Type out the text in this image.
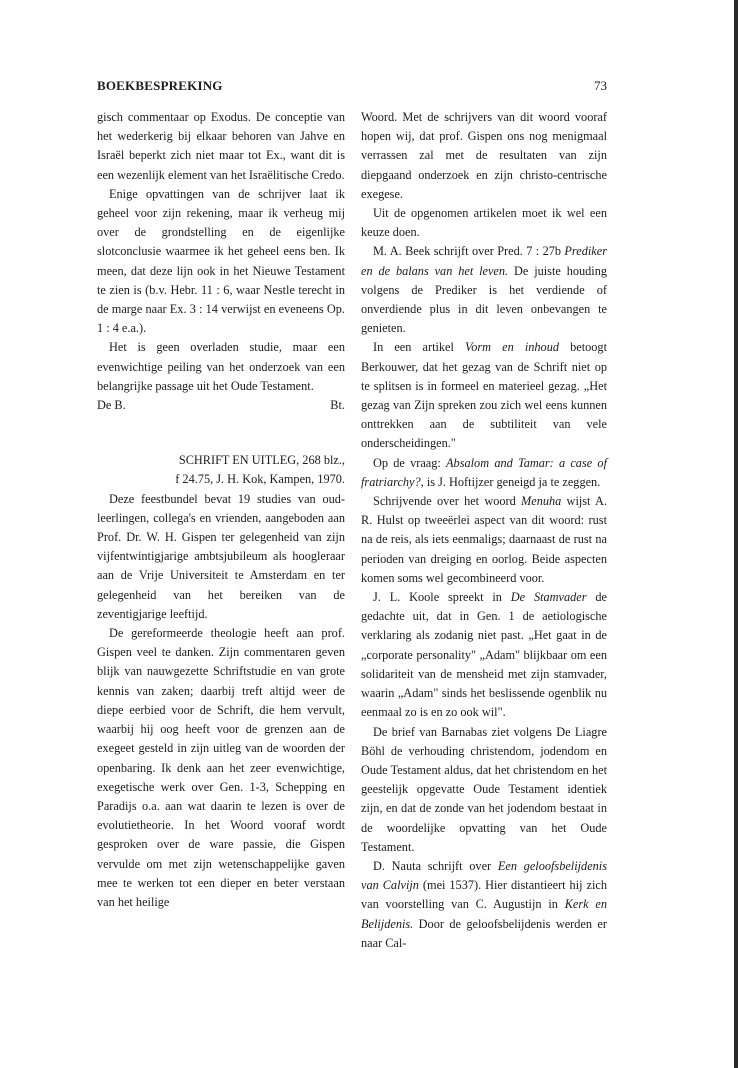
BOEKBESPREKING	73

gisch commentaar op Exodus. De conceptie van het wederkerig bij elkaar behoren van Jahve en Israël beperkt zich niet maar tot Ex., want dit is een wezenlijk element van het Israëlitische Credo.

Enige opvattingen van de schrijver laat ik geheel voor zijn rekening, maar ik verheug mij over de grondstelling en de eigenlijke slotconclusie waarmee ik het geheel eens ben. Ik meen, dat deze lijn ook in het Nieuwe Testament te zien is (b.v. Hebr. 11 : 6, waar Nestle terecht in de marge naar Ex. 3 : 14 verwijst en eveneens Op. 1 : 4 e.a.).

Het is geen overladen studie, maar een evenwichtige peiling van het onderzoek van een belangrijke passage uit het Oude Testament.

De B.	Bt.
SCHRIFT EN UITLEG, 268 blz.,
f 24.75, J. H. Kok, Kampen, 1970.

Deze feestbundel bevat 19 studies van oud-leerlingen, collega's en vrienden, aangeboden aan Prof. Dr. W. H. Gispen ter gelegenheid van zijn vijfentwintigjarige ambtsjubileum als hoogleraar aan de Vrije Universiteit te Amsterdam en ter gelegenheid van het bereiken van de zeventigjarige leeftijd.

De gereformeerde theologie heeft aan prof. Gispen veel te danken. Zijn commentaren geven blijk van nauwgezette Schriftstudie en van grote kennis van zaken; daarbij treft altijd weer de diepe eerbied voor de Schrift, die hem vervult, waarbij hij oog heeft voor de grenzen aan de exegeet gesteld in zijn uitleg van de woorden der openbaring. Ik denk aan het zeer evenwichtige, exegetische werk over Gen. 1-3, Schepping en Paradijs o.a. aan wat daarin te lezen is over de evolutietheorie. In het Woord vooraf wordt gesproken over de ware passie, die Gispen vervulde om met zijn wetenschappelijke gaven mee te werken tot een dieper en beter verstaan van het heilige

Woord. Met de schrijvers van dit woord vooraf hopen wij, dat prof. Gispen ons nog menigmaal verrassen zal met de resultaten van zijn diepgaand onderzoek en zijn christo-centrische exegese.

Uit de opgenomen artikelen moet ik wel een keuze doen.

M. A. Beek schrijft over Pred. 7 : 27b Prediker en de balans van het leven. De juiste houding volgens de Prediker is het verdiende of onverdiende plus in dit leven onbevangen te genieten.

In een artikel Vorm en inhoud betoogt Berkouwer, dat het gezag van de Schrift niet op te splitsen is in formeel en materieel gezag. „Het gezag van Zijn spreken zou zich wel eens kunnen onttrekken aan de subtiliteit van vele onderscheidingen."

Op de vraag: Absalom and Tamar: a case of fratriarchy?, is J. Hoftijzer geneigd ja te zeggen.

Schrijvende over het woord Menuha wijst A. R. Hulst op tweeërlei aspect van dit woord: rust na de reis, als iets eenmaligs; daarnaast de rust na perioden van dreiging en oorlog. Beide aspecten komen soms wel gecombineerd voor.

J. L. Koole spreekt in De Stamvader de gedachte uit, dat in Gen. 1 de aetiologische verklaring als zodanig niet past. „Het gaat in de „corporate personality" „Adam" blijkbaar om een solidariteit van de mensheid met zijn stamvader, waarin „Adam" sinds het beslissende ogenblik nu eenmaal zo is en zo ook wil".

De brief van Barnabas ziet volgens De Liagre Böhl de verhouding christendom, jodendom en Oude Testament aldus, dat het christendom en het geestelijk opgevatte Oude Testament identiek zijn, en dat de zonde van het jodendom bestaat in de woordelijke opvatting van het Oude Testament.

D. Nauta schrijft over Een geloofsbelijdenis van Calvijn (mei 1537). Hier distantieert hij zich van voorstelling van C. Augustijn in Kerk en Belijdenis. Door de geloofsbelijdenis werden er naar Cal-
